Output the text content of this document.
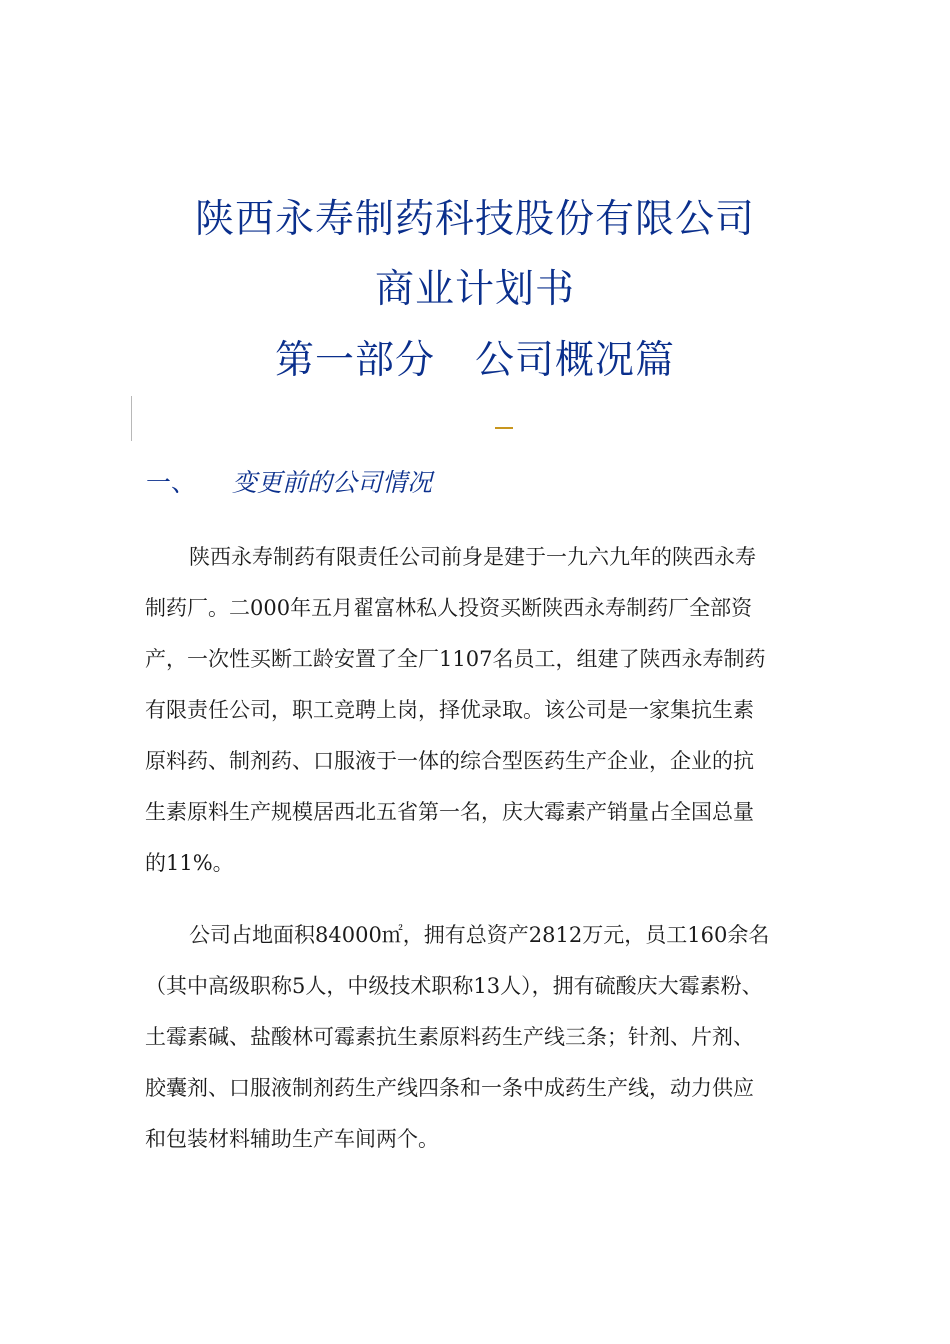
陕西永寿制药科技股份有限公司
商业计划书
第一部分　公司概况篇
一、 变更前的公司情况
陕西永寿制药有限责任公司前身是建于一九六九年的陕西永寿
制药厂。二000年五月翟富林私人投资买断陕西永寿制药厂全部资
产，一次性买断工龄安置了全厂1107名员工，组建了陕西永寿制药
有限责任公司，职工竞聘上岗，择优录取。该公司是一家集抗生素
原料药、制剂药、口服液于一体的综合型医药生产企业，企业的抗
生素原料生产规模居西北五省第一名，庆大霉素产销量占全国总量
的11%。
公司占地面积84000㎡，拥有总资产2812万元，员工160余名
（其中高级职称5人，中级技术职称13人），拥有硫酸庆大霉素粉、
土霉素碱、盐酸林可霉素抗生素原料药生产线三条；针剂、片剂、
胶囊剂、口服液制剂药生产线四条和一条中成药生产线，动力供应
和包装材料辅助生产车间两个。
